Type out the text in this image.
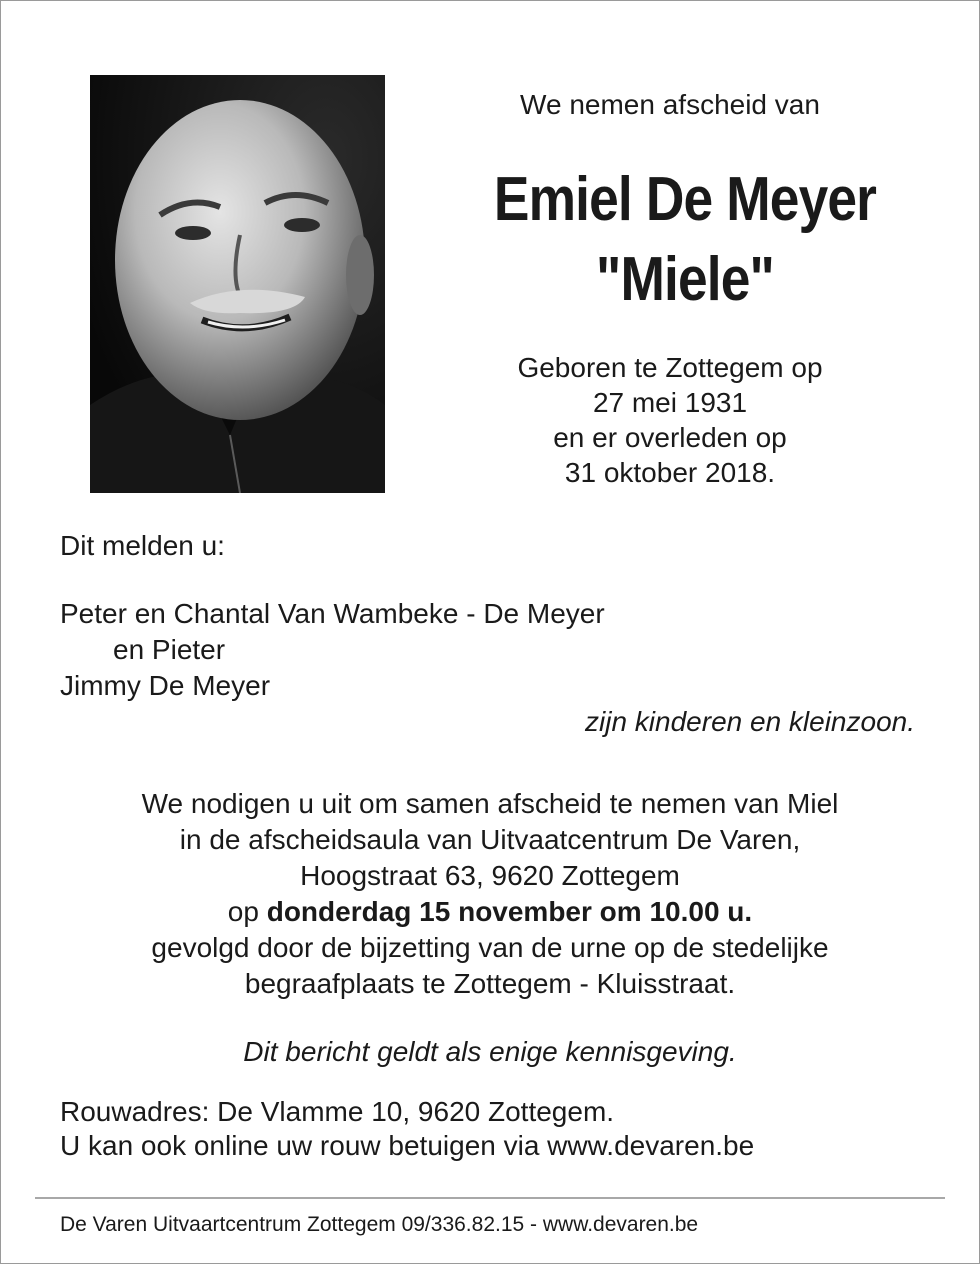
We nemen afscheid van
Emiel De Meyer
"Miele"
Geboren te Zottegem op
27 mei 1931
en er overleden op
31 oktober 2018.
Dit melden u:
Peter en Chantal Van Wambeke - De Meyer
en Pieter
Jimmy De Meyer
zijn kinderen en kleinzoon.
We nodigen u uit om samen afscheid te nemen van Miel
in de afscheidsaula van Uitvaatcentrum De Varen,
Hoogstraat 63, 9620 Zottegem
op donderdag 15 november om 10.00 u.
gevolgd door de bijzetting van de urne op de stedelijke
begraafplaats te Zottegem - Kluisstraat.
Dit bericht geldt als enige kennisgeving.
Rouwadres: De Vlamme 10, 9620 Zottegem.
U kan ook online uw rouw betuigen via www.devaren.be
De Varen Uitvaartcentrum Zottegem 09/336.82.15 - www.devaren.be
